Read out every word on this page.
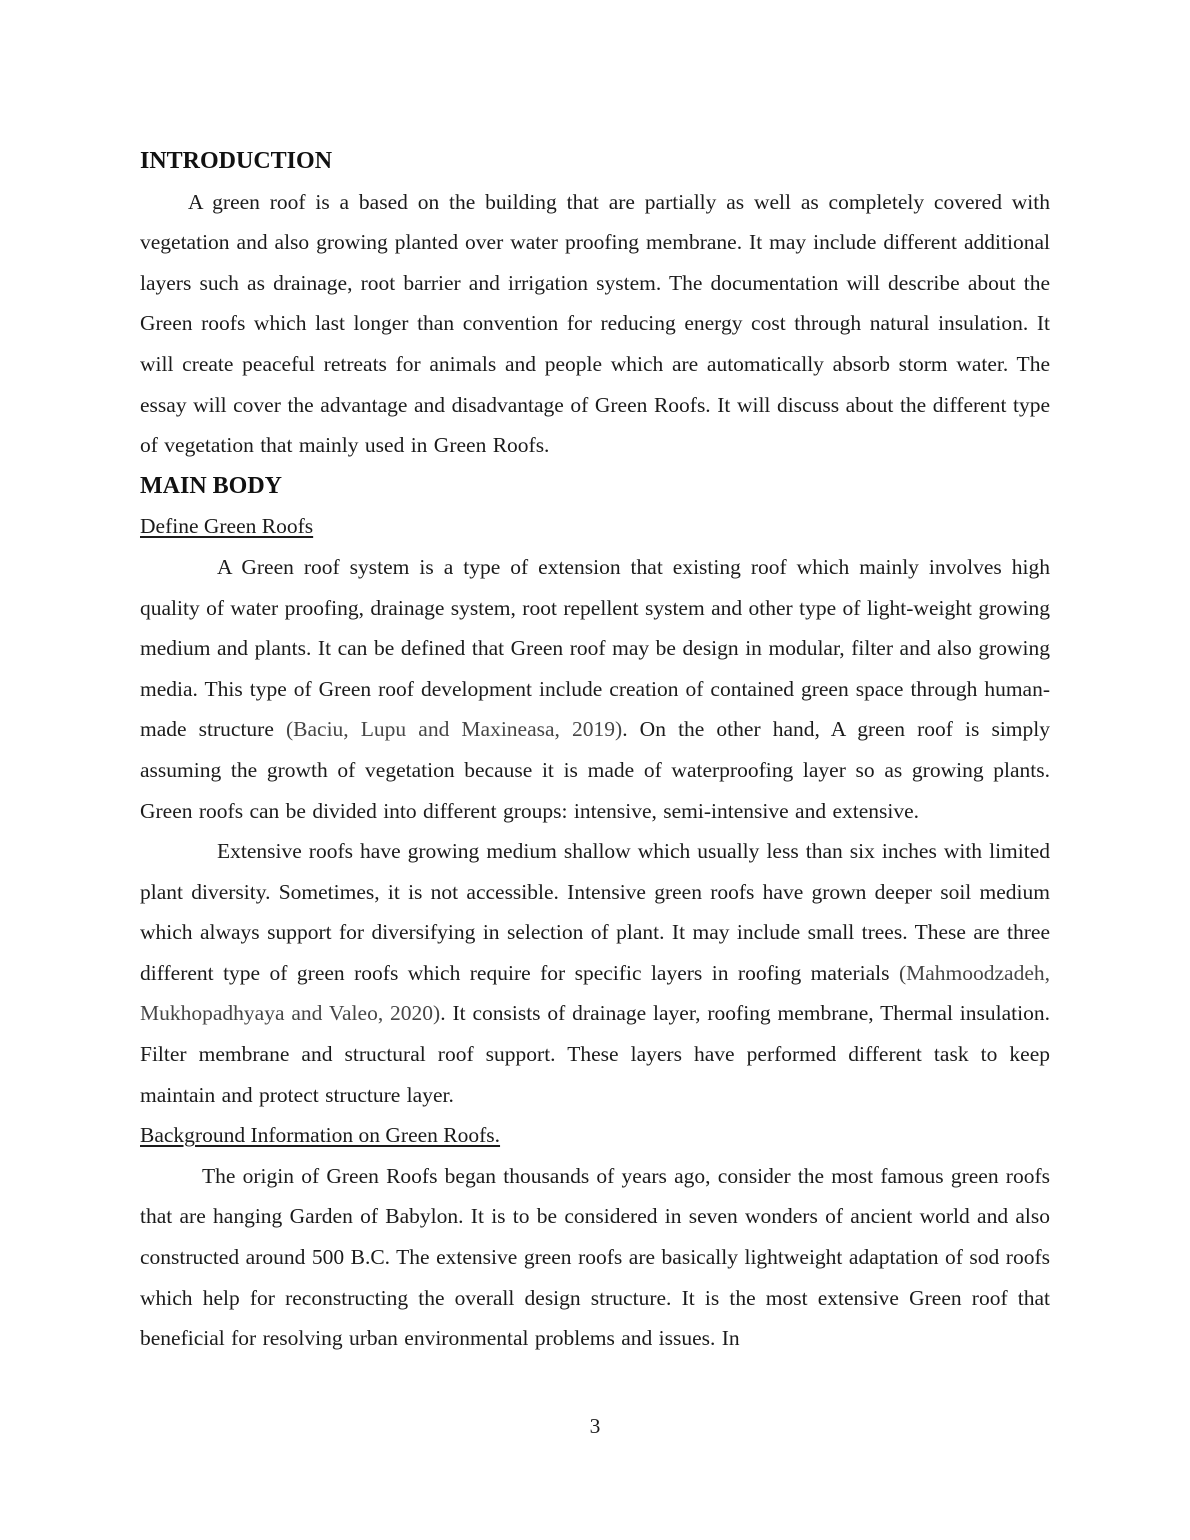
INTRODUCTION

A green roof is a based on the building that are partially as well as completely covered with vegetation and also growing planted over water proofing membrane. It may include different additional layers such as drainage, root barrier and irrigation system. The documentation will describe about the Green roofs which last longer than convention for reducing energy cost through natural insulation. It will create peaceful retreats for animals and people which are automatically absorb storm water. The essay will cover the advantage and disadvantage of Green Roofs. It will discuss about the different type of vegetation that mainly used in Green Roofs.

MAIN BODY
Define Green Roofs

A Green roof system is a type of extension that existing roof which mainly involves high quality of water proofing, drainage system, root repellent system and other type of light-weight growing medium and plants. It can be defined that Green roof may be design in modular, filter and also growing media. This type of Green roof development include creation of contained green space through human-made structure (Baciu, Lupu and Maxineasa, 2019). On the other hand, A green roof is simply assuming the growth of vegetation because it is made of waterproofing layer so as growing plants. Green roofs can be divided into different groups: intensive, semi-intensive and extensive.

Extensive roofs have growing medium shallow which usually less than six inches with limited plant diversity. Sometimes, it is not accessible. Intensive green roofs have grown deeper soil medium which always support for diversifying in selection of plant. It may include small trees. These are three different type of green roofs which require for specific layers in roofing materials (Mahmoodzadeh, Mukhopadhyaya and Valeo, 2020). It consists of drainage layer, roofing membrane, Thermal insulation. Filter membrane and structural roof support. These layers have performed different task to keep maintain and protect structure layer.

Background Information on Green Roofs.

The origin of Green Roofs began thousands of years ago, consider the most famous green roofs that are hanging Garden of Babylon. It is to be considered in seven wonders of ancient world and also constructed around 500 B.C. The extensive green roofs are basically lightweight adaptation of sod roofs which help for reconstructing the overall design structure. It is the most extensive Green roof that beneficial for resolving urban environmental problems and issues. In

3
